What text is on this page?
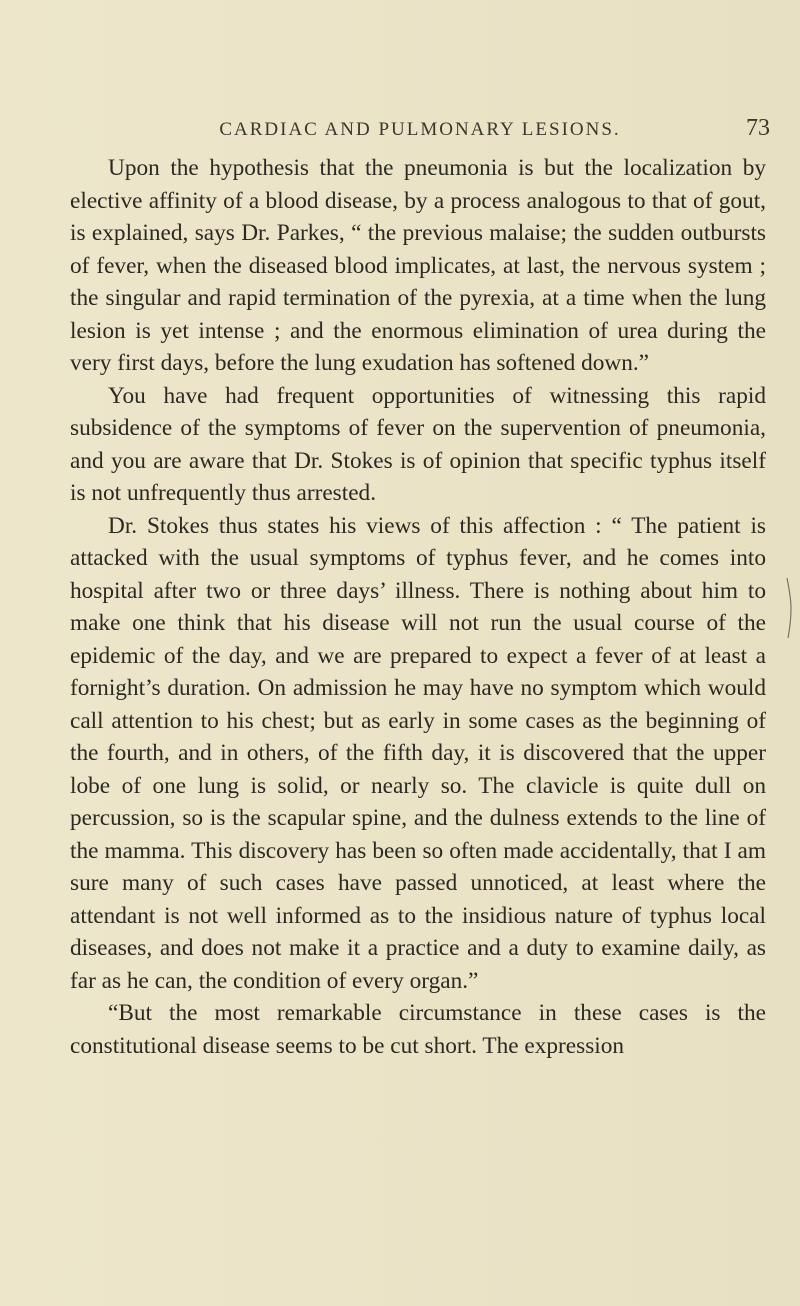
CARDIAC AND PULMONARY LESIONS.	73

Upon the hypothesis that the pneumonia is but the localization by elective affinity of a blood disease, by a process analogous to that of gout, is explained, says Dr. Parkes, “ the previous malaise; the sudden outbursts of fever, when the diseased blood implicates, at last, the nervous system ; the singular and rapid termination of the pyrexia, at a time when the lung lesion is yet intense ; and the enormous elimination of urea during the very first days, before the lung exudation has softened down.”

You have had frequent opportunities of witnessing this rapid subsidence of the symptoms of fever on the supervention of pneumonia, and you are aware that Dr. Stokes is of opinion that specific typhus itself is not unfrequently thus arrested.

Dr. Stokes thus states his views of this affection : “ The patient is attacked with the usual symptoms of typhus fever, and he comes into hospital after two or three days’ illness. There is nothing about him to make one think that his disease will not run the usual course of the epidemic of the day, and we are prepared to expect a fever of at least a fornight’s duration. On admission he may have no symptom which would call attention to his chest; but as early in some cases as the beginning of the fourth, and in others, of the fifth day, it is discovered that the upper lobe of one lung is solid, or nearly so. The clavicle is quite dull on percussion, so is the scapular spine, and the dulness extends to the line of the mamma. This discovery has been so often made accidentally, that I am sure many of such cases have passed unnoticed, at least where the attendant is not well informed as to the insidious nature of typhus local diseases, and does not make it a practice and a duty to examine daily, as far as he can, the condition of every organ.”

“But the most remarkable circumstance in these cases is the constitutional disease seems to be cut short. The expression
